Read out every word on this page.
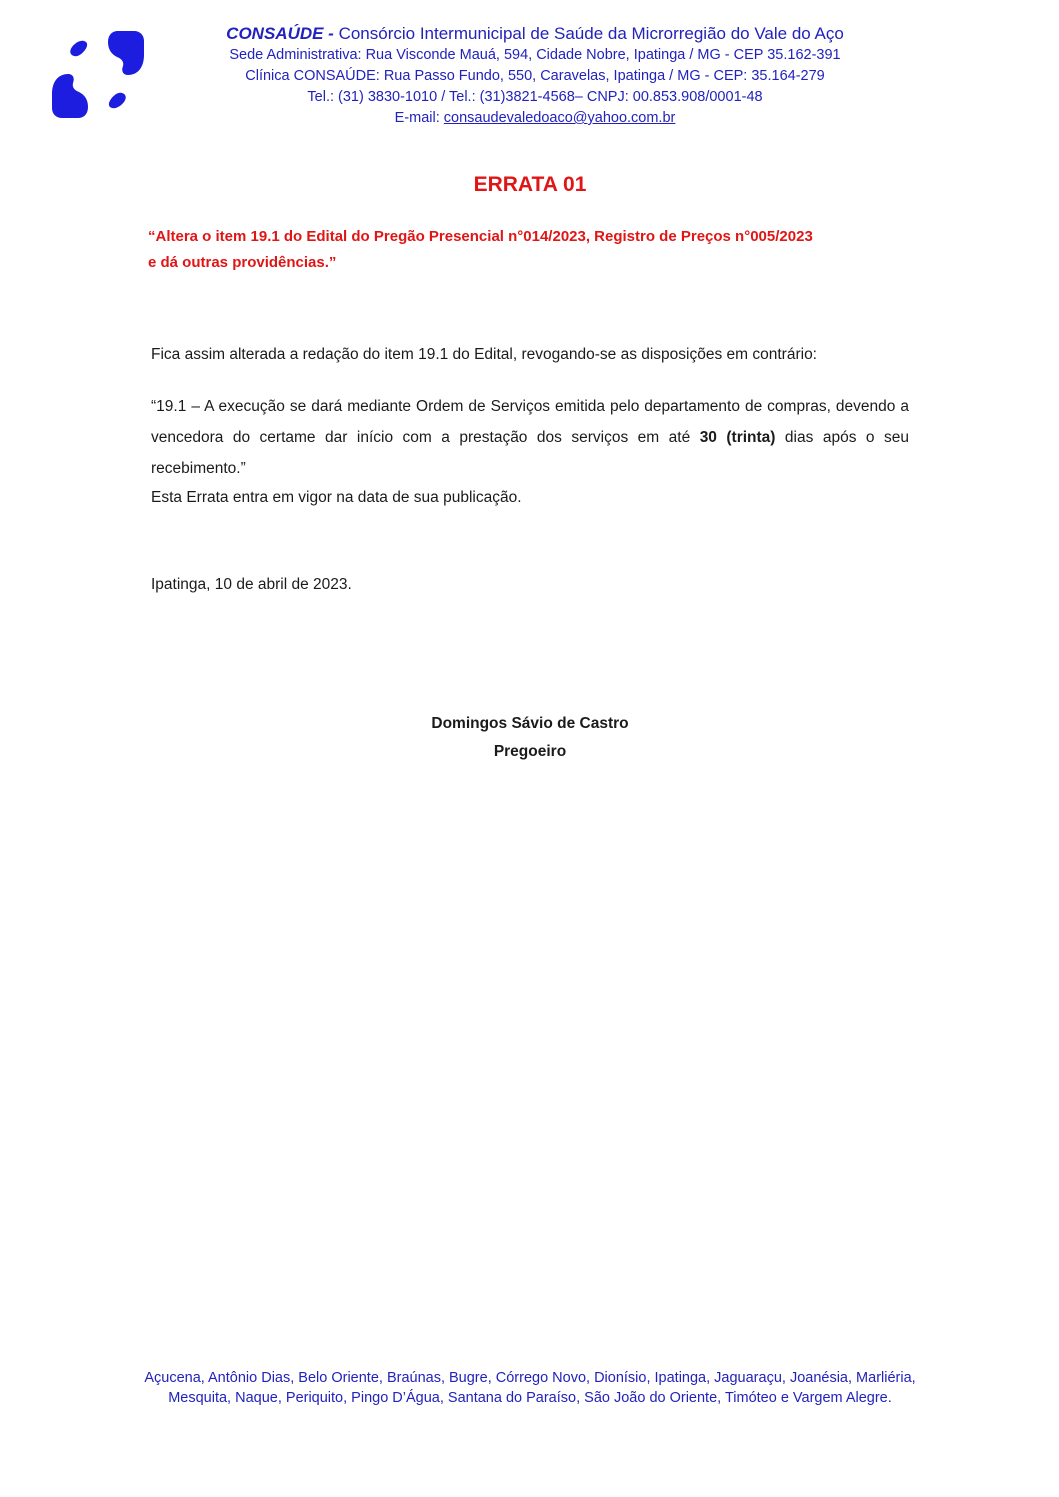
CONSAÚDE - Consórcio Intermunicipal de Saúde da Microrregião do Vale do Aço
Sede Administrativa: Rua Visconde Mauá, 594, Cidade Nobre, Ipatinga / MG - CEP 35.162-391
Clínica CONSAÚDE: Rua Passo Fundo, 550, Caravelas, Ipatinga / MG - CEP: 35.164-279
Tel.: (31) 3830-1010 / Tel.: (31)3821-4568– CNPJ: 00.853.908/0001-48
E-mail: consaudevaledoaco@yahoo.com.br
ERRATA 01

“Altera o item 19.1 do Edital do Pregão Presencial n°014/2023, Registro de Preços n°005/2023
e dá outras providências.”

Fica assim alterada a redação do item 19.1 do Edital, revogando-se as disposições em contrário:

“19.1 – A execução se dará mediante Ordem de Serviços emitida pelo departamento de compras, devendo a vencedora do certame dar início com a prestação dos serviços em até 30 (trinta) dias após o seu recebimento.”

Esta Errata entra em vigor na data de sua publicação.

Ipatinga, 10 de abril de 2023.

Domingos Sávio de Castro
Pregoeiro

Açucena, Antônio Dias, Belo Oriente, Braúnas, Bugre, Córrego Novo, Dionísio, Ipatinga, Jaguaraçu, Joanésia, Marliéria,
Mesquita, Naque, Periquito, Pingo D’Água, Santana do Paraíso, São João do Oriente, Timóteo e Vargem Alegre.
